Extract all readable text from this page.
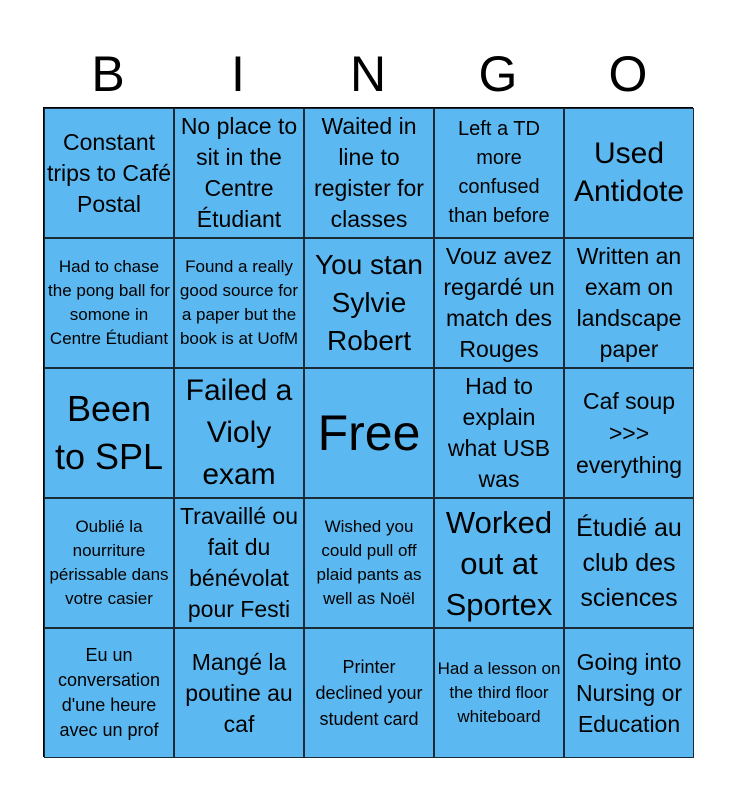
B	I	N	G	O
Constant trips to Café Postal
No place to sit in the Centre Étudiant
Waited in line to register for classes
Left a TD more confused than before
Used Antidote
Had to chase the pong ball for somone in Centre Étudiant
Found a really good source for a paper but the book is at UofM
You stan Sylvie Robert
Vouz avez regardé un match des Rouges
Written an exam on landscape paper
Been to SPL
Failed a Violy exam
Free
Had to explain what USB was
Caf soup >>> everything
Oublié la nourriture périssable dans votre casier
Travaillé ou fait du bénévolat pour Festi
Wished you could pull off plaid pants as well as Noël
Worked out at Sportex
Étudié au club des sciences
Eu un conversation d'une heure avec un prof
Mangé la poutine au caf
Printer declined your student card
Had a lesson on the third floor whiteboard
Going into Nursing or Education
